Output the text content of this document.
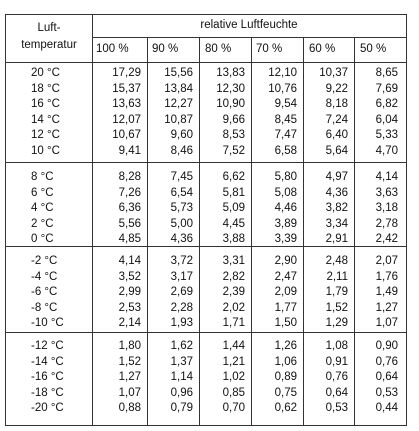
Luft-
temperatur
relative Luftfeuchte
100 % 90 % 80 % 70 % 60 % 50 %
20 °C	17,29 15,56 13,83 12,10 10,37 8,65
18 °C	15,37 13,84 12,30 10,76 9,22 7,69
16 °C	13,63 12,27 10,90	9,54 8,18 6,82
14 °C	12,07 10,87	9,66	8,45 7,24 6,04
12 °C	10,67	9,60	8,53	7,47 6,40 5,33
10 °C	9,41	8,46	7,52	6,58 5,64 4,70
8 °C	8,28	7,45	6,62	5,80 4,97 4,14
6 °C	7,26	6,54	5,81	5,08 4,36 3,63
4 °C	6,36	5,73	5,09	4,46 3,82 3,18
2 °C	5,56	5,00	4,45	3,89 3,34 2,78
0 °C	4,85	4,36	3,88	3,39 2,91 2,42
-2 °C	4,14	3,72	3,31	2,90 2,48 2,07
-4 °C	3,52	3,17	2,82	2,47	2,11 1,76
-6 °C	2,99	2,69	2,39	2,09 1,79 1,49
-8 °C	2,53	2,28	2,02	1,77 1,52 1,27
-10 °C	2,14	1,93	1,71	1,50 1,29 1,07
-12 °C	1,80	1,62	1,44	1,26 1,08 0,90
-14 °C	1,52	1,37	1,21	1,06 0,91 0,76
-16 °C	1,27	1,14	1,02	0,89 0,76 0,64
-18 °C	1,07	0,96	0,85	0,75 0,64 0,53
-20 °C	0,88	0,79	0,70	0,62 0,53 0,44
